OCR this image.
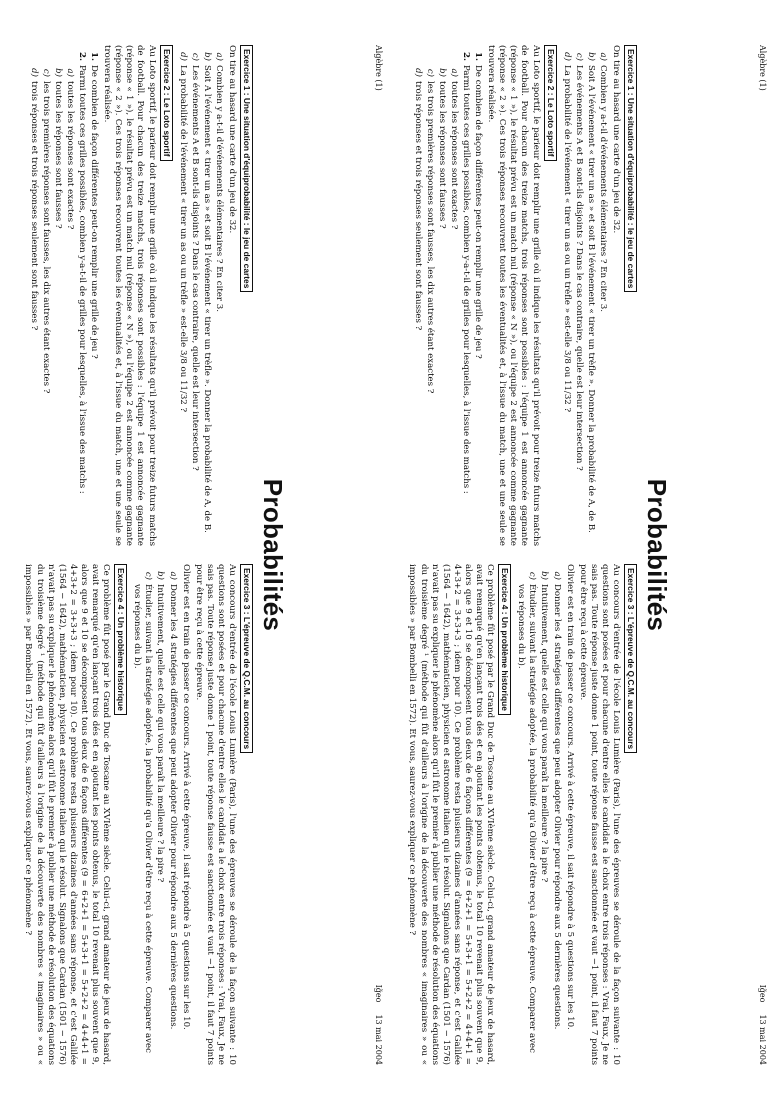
Algèbre (1)
Ig̃eo
13 mai 2004
Probabilités
Exercice 1 : Une situation d'équiprobabilité : le jeu de cartes

On tire au hasard une carte d'un jeu de 32.

a)
Combien y a-t-il d'événements élémentaires ? En citer 3.
b)
Soit A l'événement « tirer un as » et soit B l'événement « tirer un trèfle ». Donner la probabilité de A, de B.
c)
Les événements A et B sont-ils disjoints ? Dans le cas contraire, quelle est leur intersection ?
d)
La probabilité de l'événement « tirer un as ou un trèfle » est-elle 3/8 ou 11/32 ?
Exercice 2 : Le Loto sportif

Au Loto sportif, le parieur doit remplir une grille où il indique les résultats qu'il prévoit pour treize futurs matchs de football. Pour chacun des treize matchs, trois réponses sont possibles : l'équipe 1 est annoncée gagnante (réponse « 1 »), le résultat prévu est un match nul (réponse « N »), ou l'équipe 2 est annoncée comme gagnante (réponse « 2 »). Ces trois réponses recouvrent toutes les éventualités et, à l'issue du match, une et une seule se trouvera réalisée.

1.
De combien de façon différentes peut-on remplir une grille de jeu ?
2.
Parmi toutes ces grilles possibles, combien y-a-t-il de grilles pour lesquelles, à l'issue des matchs :
a)
toutes les réponses sont exactes ?
b)
toutes les réponses sont fausses ?
c)
les trois premières réponses sont fausses, les dix autres étant exactes ?
d)
trois réponses et trois réponses seulement sont fausses ?
Exercice 3 : L'épreuve de Q.C.M. au concours

Au concours d'entrée de l'école Louis Lumière (Paris), l'une des épreuves se déroule de la façon suivante : 10 questions sont posées et pour chacune d'entre elles le candidat a le choix entre trois réponses : Vrai, Faux, Je ne sais pas. Toute réponse juste donne 1 point, toute réponse fausse est sanctionnée et vaut −1 point, il faut 7 points pour être reçu à cette épreuve.

Olivier est en train de passer ce concours. Arrivé à cette épreuve, il sait répondre à 5 questions sur les 10.

a)
Donner les 4 stratégies différentes que peut adopter Olivier pour répondre aux 5 dernières questions.
b)
Intuitivement, quelle est celle qui vous paraît la meilleure ? la pire ?
c)
Étudier, suivant la stratégie adoptée, la probabilité qu'a Olivier d'être reçu à cette épreuve. Comparer avec vos réponses du b).
Exercice 4 : Un problème historique

Ce problème fût posé par le Grand Duc de Toscane au XVIème siècle. Celui-ci, grand amateur de jeux de hasard, avait remarqué qu'en lançant trois dés et en ajoutant les points obtenus, le total 10 revenait plus souvent que 9, alors que 9 et 10 se décomposent tous deux de 6 façons différentes (9 = 6+2+1 = 5+3+1 = 5+2+2 = 4+4+1 = 4+3+2 = 3+3+3 ; idem pour 10). Ce problème resta plusieurs dizaines d'années sans réponse, et c'est Galilée (1564 − 1642), mathématicien, physicien et astronome italien qui le résolut. Signalons que Cardan (1501 − 1576) n'avait pas su expliquer le phénomène alors qu'il fût le premier à publier une méthode de résolution des équations du troisième degré ¹ (méthode qui fût d'ailleurs à l'origine de la découverte des nombres « imaginaires » ou « impossibles » par Bombelli en 1572). Et vous, saurez-vous expliquer ce phénomène ?

Algèbre (1)
Ig̃eo
13 mai 2004
Probabilités
Exercice 1 : Une situation d'équiprobabilité : le jeu de cartes

On tire au hasard une carte d'un jeu de 32.

a)
Combien y a-t-il d'événements élémentaires ? En citer 3.
b)
Soit A l'événement « tirer un as » et soit B l'événement « tirer un trèfle ». Donner la probabilité de A, de B.
c)
Les événements A et B sont-ils disjoints ? Dans le cas contraire, quelle est leur intersection ?
d)
La probabilité de l'événement « tirer un as ou un trèfle » est-elle 3/8 ou 11/32 ?
Exercice 2 : Le Loto sportif

Au Loto sportif, le parieur doit remplir une grille où il indique les résultats qu'il prévoit pour treize futurs matchs de football. Pour chacun des treize matchs, trois réponses sont possibles : l'équipe 1 est annoncée gagnante (réponse « 1 »), le résultat prévu est un match nul (réponse « N »), ou l'équipe 2 est annoncée comme gagnante (réponse « 2 »). Ces trois réponses recouvrent toutes les éventualités et, à l'issue du match, une et une seule se trouvera réalisée.

1.
De combien de façon différentes peut-on remplir une grille de jeu ?
2.
Parmi toutes ces grilles possibles, combien y-a-t-il de grilles pour lesquelles, à l'issue des matchs :
a)
toutes les réponses sont exactes ?
b)
toutes les réponses sont fausses ?
c)
les trois premières réponses sont fausses, les dix autres étant exactes ?
d)
trois réponses et trois réponses seulement sont fausses ?
Exercice 3 : L'épreuve de Q.C.M. au concours

Au concours d'entrée de l'école Louis Lumière (Paris), l'une des épreuves se déroule de la façon suivante : 10 questions sont posées et pour chacune d'entre elles le candidat a le choix entre trois réponses : Vrai, Faux, Je ne sais pas. Toute réponse juste donne 1 point, toute réponse fausse est sanctionnée et vaut −1 point, il faut 7 points pour être reçu à cette épreuve.

Olivier est en train de passer ce concours. Arrivé à cette épreuve, il sait répondre à 5 questions sur les 10.

a)
Donner les 4 stratégies différentes que peut adopter Olivier pour répondre aux 5 dernières questions.
b)
Intuitivement, quelle est celle qui vous paraît la meilleure ? la pire ?
c)
Étudier, suivant la stratégie adoptée, la probabilité qu'a Olivier d'être reçu à cette épreuve. Comparer avec vos réponses du b).
Exercice 4 : Un problème historique

Ce problème fût posé par le Grand Duc de Toscane au XVIème siècle. Celui-ci, grand amateur de jeux de hasard, avait remarqué qu'en lançant trois dés et en ajoutant les points obtenus, le total 10 revenait plus souvent que 9, alors que 9 et 10 se décomposent tous deux de 6 façons différentes (9 = 6+2+1 = 5+3+1 = 5+2+2 = 4+4+1 = 4+3+2 = 3+3+3 ; idem pour 10). Ce problème resta plusieurs dizaines d'années sans réponse, et c'est Galilée (1564 − 1642), mathématicien, physicien et astronome italien qui le résolut. Signalons que Cardan (1501 − 1576) n'avait pas su expliquer le phénomène alors qu'il fût le premier à publier une méthode de résolution des équations du troisième degré ¹ (méthode qui fût d'ailleurs à l'origine de la découverte des nombres « imaginaires » ou « impossibles » par Bombelli en 1572). Et vous, saurez-vous expliquer ce phénomène ?
